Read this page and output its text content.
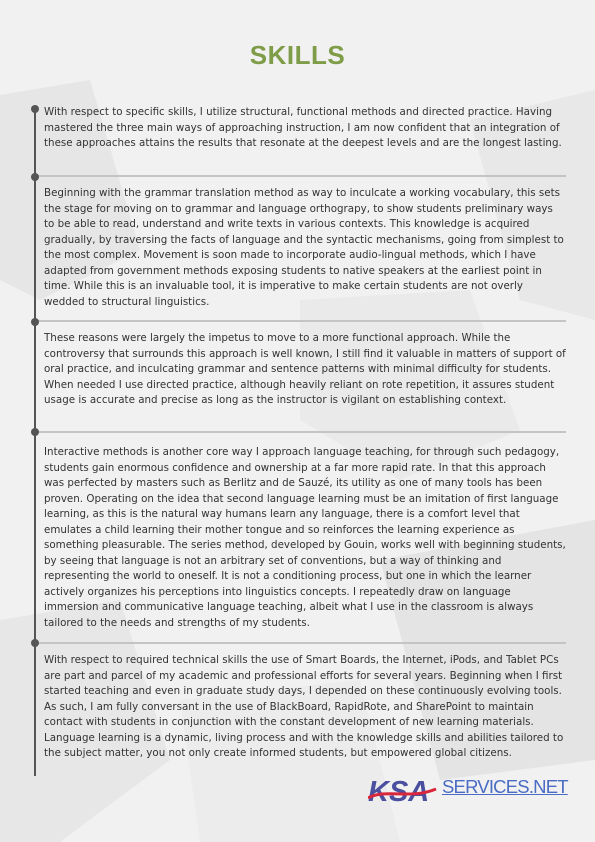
SKILLS

With respect to specific skills, I utilize structural, functional methods and directed practice. Having mastered the three main ways of approaching instruction, I am now confident that an integration of these approaches attains the results that resonate at the deepest levels and are the longest lasting.

Beginning with the grammar translation method as way to inculcate a working vocabulary, this sets the stage for moving on to grammar and language orthograpy, to show students preliminary ways to be able to read, understand and write texts in various contexts. This knowledge is acquired gradually, by traversing the facts of language and the syntactic mechanisms, going from simplest to the most complex. Movement is soon made to incorporate audio-lingual methods, which I have adapted from government methods exposing students to native speakers at the earliest point in time. While this is an invaluable tool, it is imperative to make certain students are not overly wedded to structural linguistics.

These reasons were largely the impetus to move to a more functional approach. While the controversy that surrounds this approach is well known, I still find it valuable in matters of support of oral practice, and inculcating grammar and sentence patterns with minimal difficulty for students. When needed I use directed practice, although heavily reliant on rote repetition, it assures student usage is accurate and precise as long as the instructor is vigilant on establishing context.

Interactive methods is another core way I approach language teaching, for through such pedagogy, students gain enormous confidence and ownership at a far more rapid rate. In that this approach was perfected by masters such as Berlitz and de Sauzé, its utility as one of many tools has been proven. Operating on the idea that second language learning must be an imitation of first language learning, as this is the natural way humans learn any language, there is a comfort level that emulates a child learning their mother tongue and so reinforces the learning experience as something pleasurable. The series method, developed by Gouin, works well with beginning students, by seeing that language is not an arbitrary set of conventions, but a way of thinking and representing the world to oneself. It is not a conditioning process, but one in which the learner actively organizes his perceptions into linguistics concepts. I repeatedly draw on language immersion and communicative language teaching, albeit what I use in the classroom is always tailored to the needs and strengths of my students.

With respect to required technical skills the use of Smart Boards, the Internet, iPods, and Tablet PCs are part and parcel of my academic and professional efforts for several years. Beginning when I first started teaching and even in graduate study days, I depended on these continuously evolving tools. As such, I am fully conversant in the use of BlackBoard, RapidRote, and SharePoint to maintain contact with students in conjunction with the constant development of new learning materials. Language learning is a dynamic, living process and with the knowledge skills and abilities tailored to the subject matter, you not only create informed students, but empowered global citizens.

KSA SERVICES.NET
